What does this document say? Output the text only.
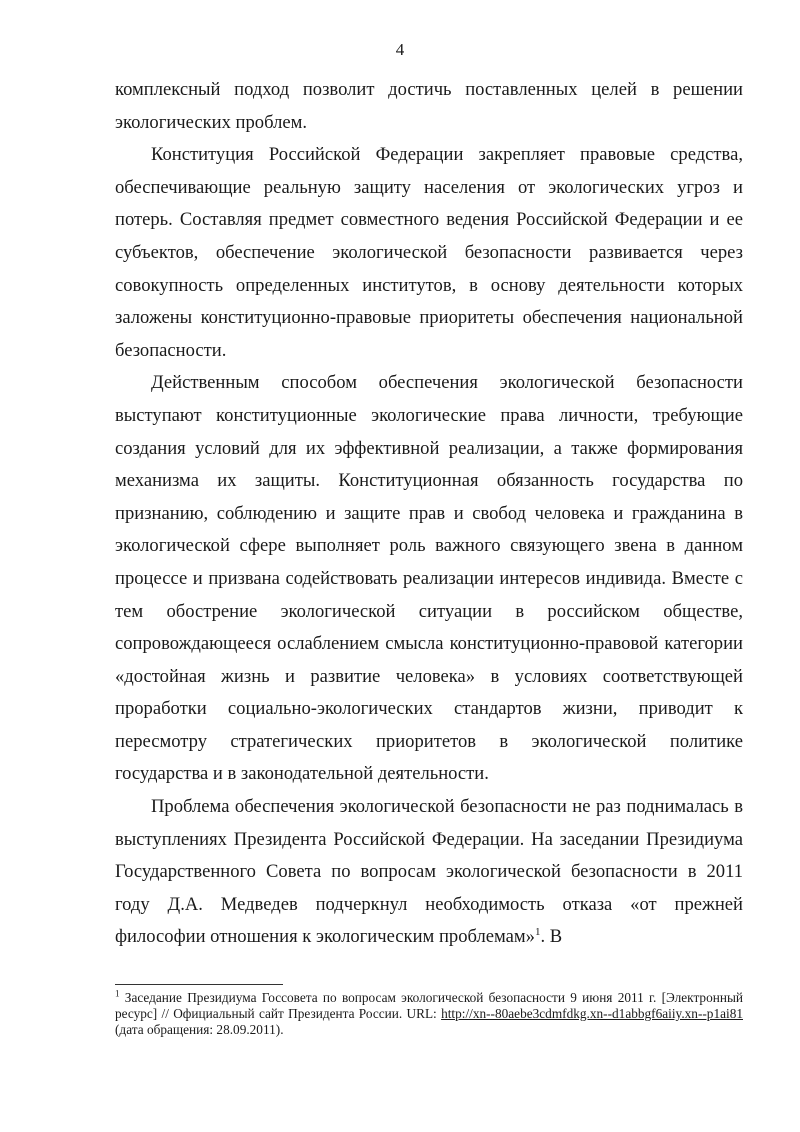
4

комплексный подход позволит достичь поставленных целей в решении экологических проблем.

Конституция Российской Федерации закрепляет правовые средства, обеспечивающие реальную защиту населения от экологических угроз и потерь. Составляя предмет совместного ведения Российской Федерации и ее субъектов, обеспечение экологической безопасности развивается через совокупность определенных институтов, в основу деятельности которых заложены конституционно-правовые приоритеты обеспечения национальной безопасности.

Действенным способом обеспечения экологической безопасности выступают конституционные экологические права личности, требующие создания условий для их эффективной реализации, а также формирования механизма их защиты. Конституционная обязанность государства по признанию, соблюдению и защите прав и свобод человека и гражданина в экологической сфере выполняет роль важного связующего звена в данном процессе и призвана содействовать реализации интересов индивида. Вместе с тем обострение экологической ситуации в российском обществе, сопровождающееся ослаблением смысла конституционно-правовой категории «достойная жизнь и развитие человека» в условиях соответствующей проработки социально-экологических стандартов жизни, приводит к пересмотру стратегических приоритетов в экологической политике государства и в законодательной деятельности.

Проблема обеспечения экологической безопасности не раз поднималась в выступлениях Президента Российской Федерации. На заседании Президиума Государственного Совета по вопросам экологической безопасности в 2011 году Д.А. Медведев подчеркнул необходимость отказа «от прежней философии отношения к экологическим проблемам»$^1$. В

$^1$ Заседание Президиума Госсовета по вопросам экологической безопасности 9 июня 2011 г. [Электронный ресурс] // Официальный сайт Президента России. URL: http://xn--80aebe3cdmfdkg.xn--d1abbgf6aiiy.xn--p1ai81 (дата обращения: 28.09.2011).
